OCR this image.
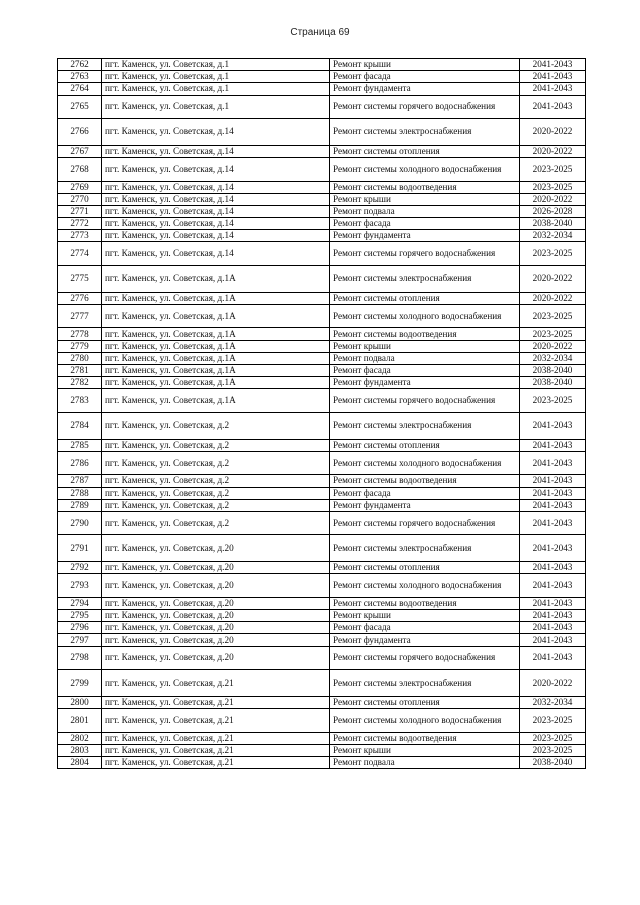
Страница 69
2762	пгт. Каменск, ул. Советская, д.1	Ремонт крыши	2041-2043
2763	пгт. Каменск, ул. Советская, д.1	Ремонт фасада	2041-2043
2764	пгт. Каменск, ул. Советская, д.1	Ремонт фундамента	2041-2043
2765	пгт. Каменск, ул. Советская, д.1	Ремонт системы горячего водоснабжения	2041-2043
2766	пгт. Каменск, ул. Советская, д.14	Ремонт системы электроснабжения	2020-2022
2767	пгт. Каменск, ул. Советская, д.14	Ремонт системы отопления	2020-2022
2768	пгт. Каменск, ул. Советская, д.14	Ремонт системы холодного водоснабжения	2023-2025
2769	пгт. Каменск, ул. Советская, д.14	Ремонт системы водоотведения	2023-2025
2770	пгт. Каменск, ул. Советская, д.14	Ремонт крыши	2020-2022
2771	пгт. Каменск, ул. Советская, д.14	Ремонт подвала	2026-2028
2772	пгт. Каменск, ул. Советская, д.14	Ремонт фасада	2038-2040
2773	пгт. Каменск, ул. Советская, д.14	Ремонт фундамента	2032-2034
2774	пгт. Каменск, ул. Советская, д.14	Ремонт системы горячего водоснабжения	2023-2025
2775	пгт. Каменск, ул. Советская, д.1А	Ремонт системы электроснабжения	2020-2022
2776	пгт. Каменск, ул. Советская, д.1А	Ремонт системы отопления	2020-2022
2777	пгт. Каменск, ул. Советская, д.1А	Ремонт системы холодного водоснабжения	2023-2025
2778	пгт. Каменск, ул. Советская, д.1А	Ремонт системы водоотведения	2023-2025
2779	пгт. Каменск, ул. Советская, д.1А	Ремонт крыши	2020-2022
2780	пгт. Каменск, ул. Советская, д.1А	Ремонт подвала	2032-2034
2781	пгт. Каменск, ул. Советская, д.1А	Ремонт фасада	2038-2040
2782	пгт. Каменск, ул. Советская, д.1А	Ремонт фундамента	2038-2040
2783	пгт. Каменск, ул. Советская, д.1А	Ремонт системы горячего водоснабжения	2023-2025
2784	пгт. Каменск, ул. Советская, д.2	Ремонт системы электроснабжения	2041-2043
2785	пгт. Каменск, ул. Советская, д.2	Ремонт системы отопления	2041-2043
2786	пгт. Каменск, ул. Советская, д.2	Ремонт системы холодного водоснабжения	2041-2043
2787	пгт. Каменск, ул. Советская, д.2	Ремонт системы водоотведения	2041-2043
2788	пгт. Каменск, ул. Советская, д.2	Ремонт фасада	2041-2043
2789	пгт. Каменск, ул. Советская, д.2	Ремонт фундамента	2041-2043
2790	пгт. Каменск, ул. Советская, д.2	Ремонт системы горячего водоснабжения	2041-2043
2791	пгт. Каменск, ул. Советская, д.20	Ремонт системы электроснабжения	2041-2043
2792	пгт. Каменск, ул. Советская, д.20	Ремонт системы отопления	2041-2043
2793	пгт. Каменск, ул. Советская, д.20	Ремонт системы холодного водоснабжения	2041-2043
2794	пгт. Каменск, ул. Советская, д.20	Ремонт системы водоотведения	2041-2043
2795	пгт. Каменск, ул. Советская, д.20	Ремонт крыши	2041-2043
2796	пгт. Каменск, ул. Советская, д.20	Ремонт фасада	2041-2043
2797	пгт. Каменск, ул. Советская, д.20	Ремонт фундамента	2041-2043
2798	пгт. Каменск, ул. Советская, д.20	Ремонт системы горячего водоснабжения	2041-2043
2799	пгт. Каменск, ул. Советская, д.21	Ремонт системы электроснабжения	2020-2022
2800	пгт. Каменск, ул. Советская, д.21	Ремонт системы отопления	2032-2034
2801	пгт. Каменск, ул. Советская, д.21	Ремонт системы холодного водоснабжения	2023-2025
2802	пгт. Каменск, ул. Советская, д.21	Ремонт системы водоотведения	2023-2025
2803	пгт. Каменск, ул. Советская, д.21	Ремонт крыши	2023-2025
2804	пгт. Каменск, ул. Советская, д.21	Ремонт подвала	2038-2040
